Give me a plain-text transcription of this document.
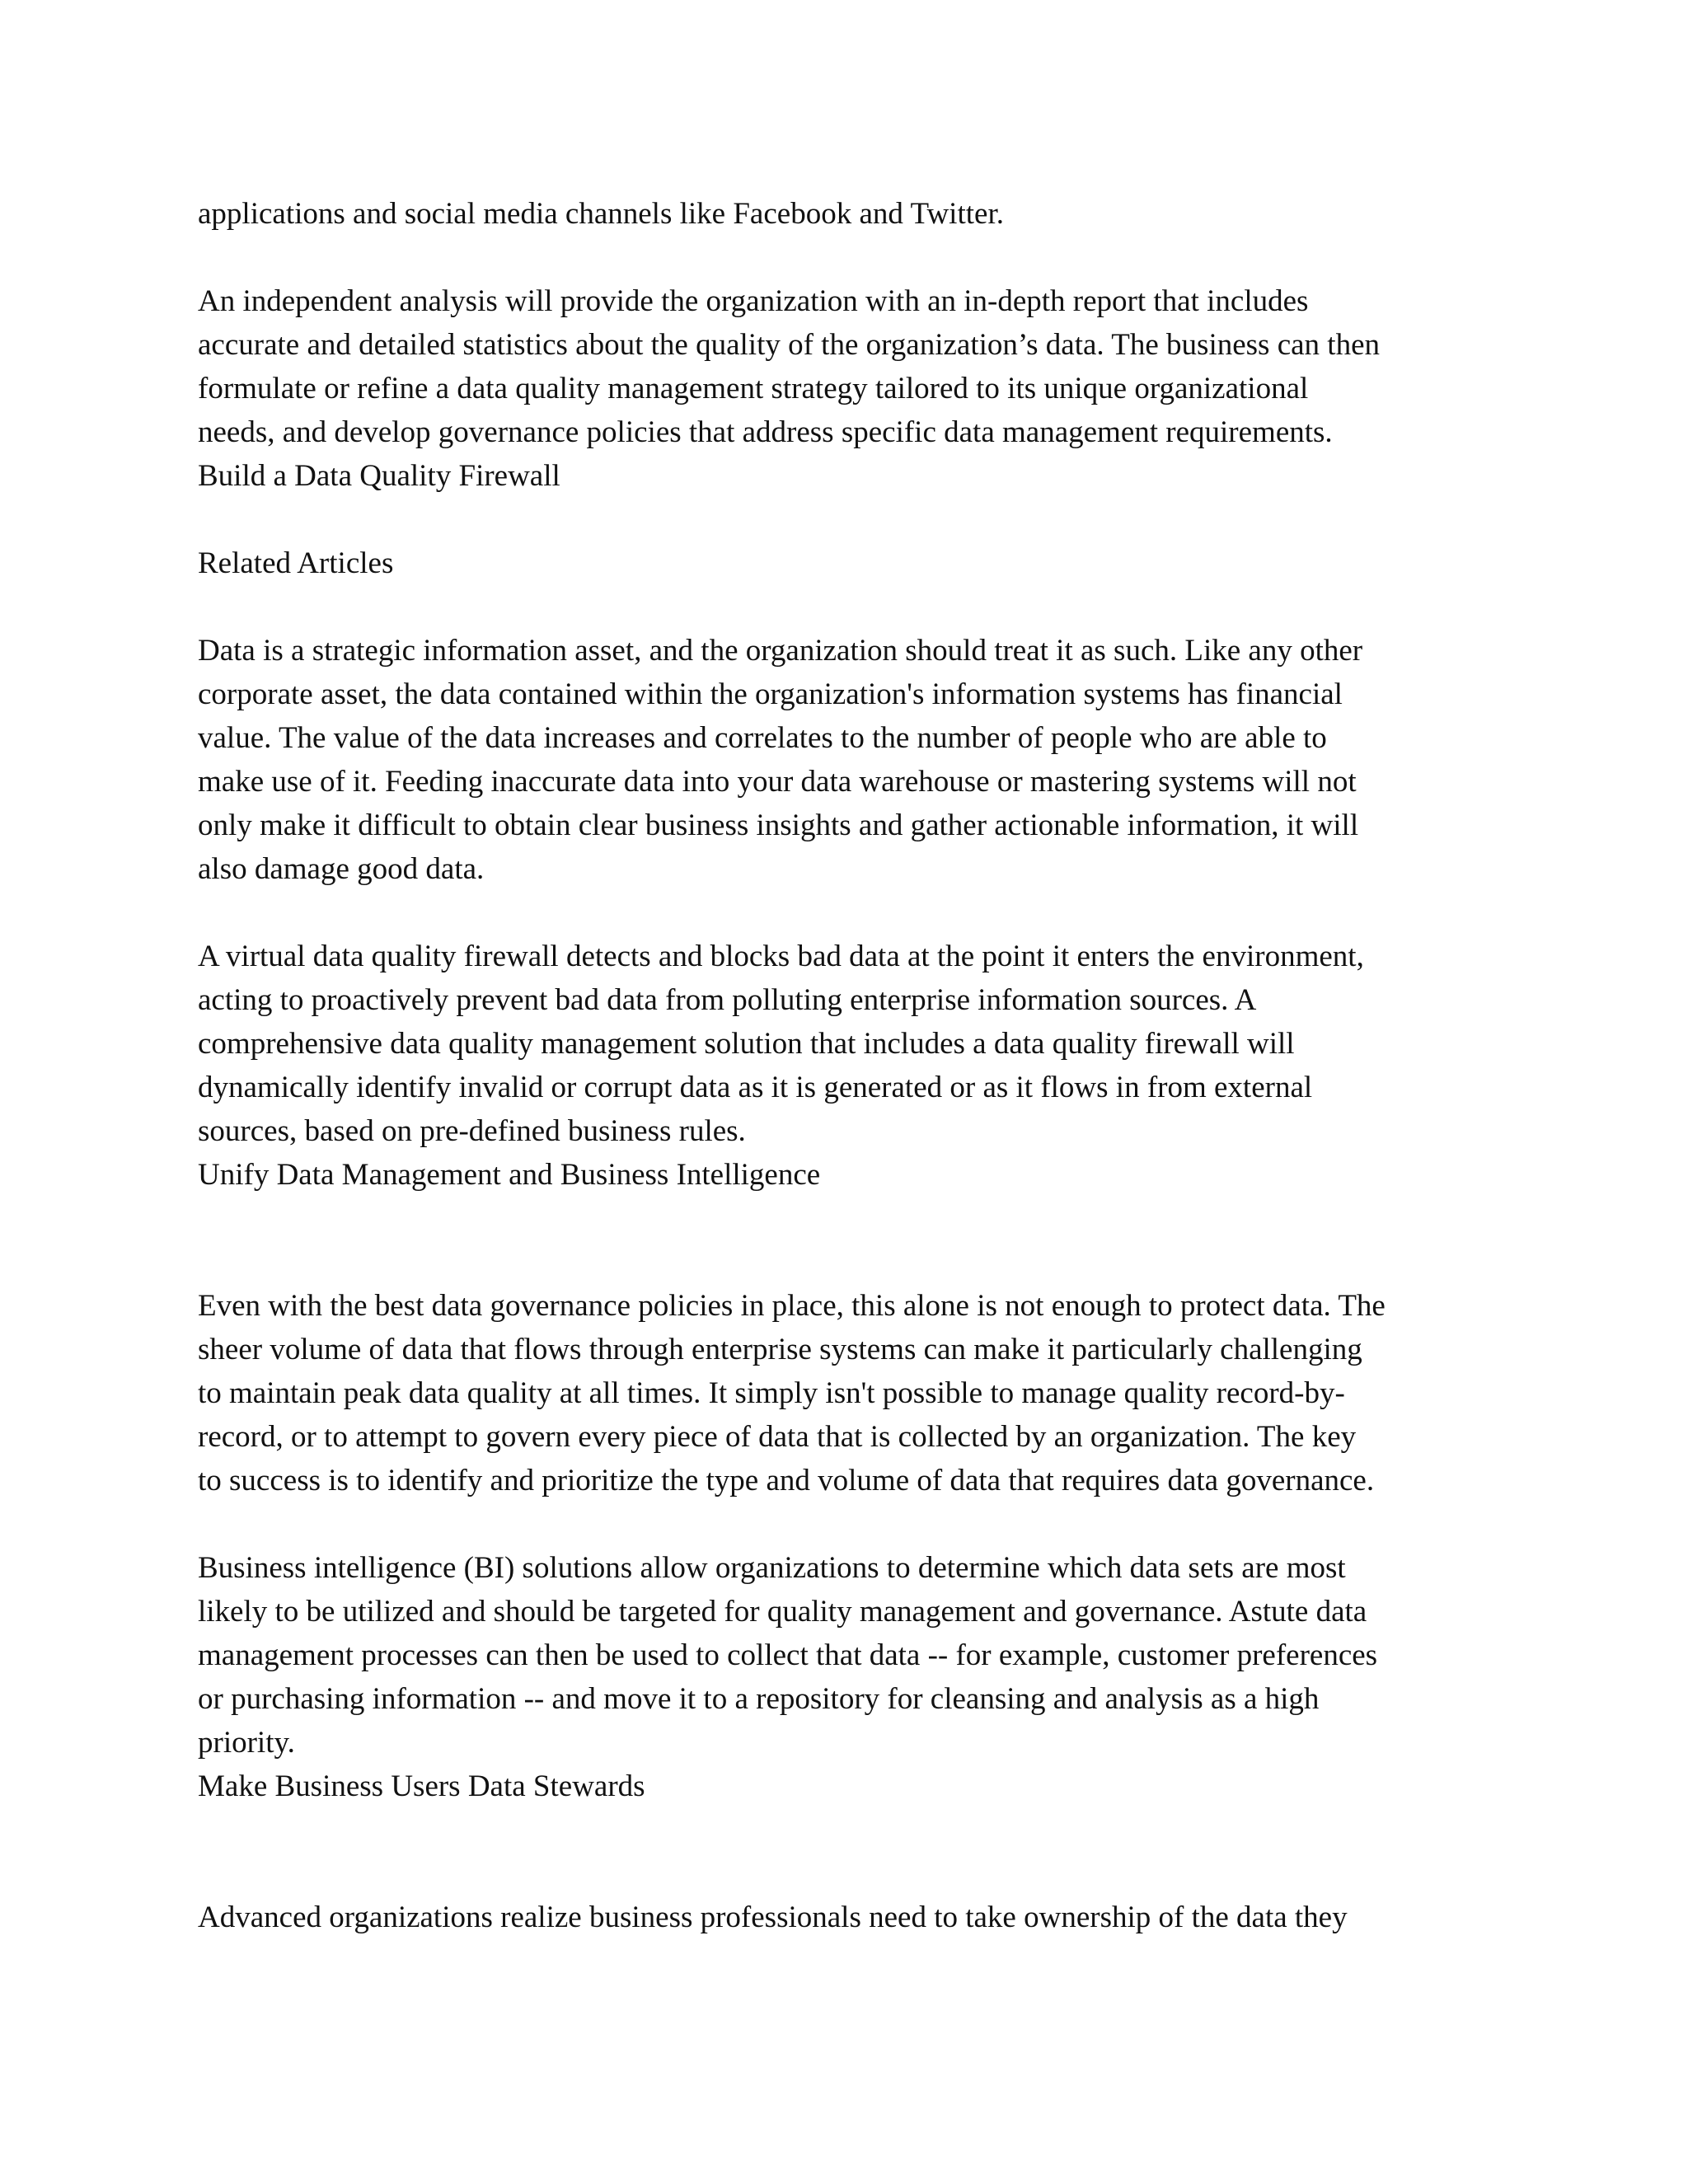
applications and social media channels like Facebook and Twitter.

An independent analysis will provide the organization with an in-depth report that includes

accurate and detailed statistics about the quality of the organization’s data. The business can then

formulate or refine a data quality management strategy tailored to its unique organizational

needs, and develop governance policies that address specific data management requirements.

Build a Data Quality Firewall

Related Articles

Data is a strategic information asset, and the organization should treat it as such. Like any other

corporate asset, the data contained within the organization's information systems has financial

value. The value of the data increases and correlates to the number of people who are able to

make use of it. Feeding inaccurate data into your data warehouse or mastering systems will not

only make it difficult to obtain clear business insights and gather actionable information, it will

also damage good data.

A virtual data quality firewall detects and blocks bad data at the point it enters the environment,

acting to proactively prevent bad data from polluting enterprise information sources. A

comprehensive data quality management solution that includes a data quality firewall will

dynamically identify invalid or corrupt data as it is generated or as it flows in from external

sources, based on pre-defined business rules.

Unify Data Management and Business Intelligence

Even with the best data governance policies in place, this alone is not enough to protect data. The

sheer volume of data that flows through enterprise systems can make it particularly challenging

to maintain peak data quality at all times. It simply isn't possible to manage quality record-by-

record, or to attempt to govern every piece of data that is collected by an organization. The key

to success is to identify and prioritize the type and volume of data that requires data governance.

Business intelligence (BI) solutions allow organizations to determine which data sets are most

likely to be utilized and should be targeted for quality management and governance. Astute data

management processes can then be used to collect that data -- for example, customer preferences

or purchasing information -- and move it to a repository for cleansing and analysis as a high

priority.

Make Business Users Data Stewards

Advanced organizations realize business professionals need to take ownership of the data they
